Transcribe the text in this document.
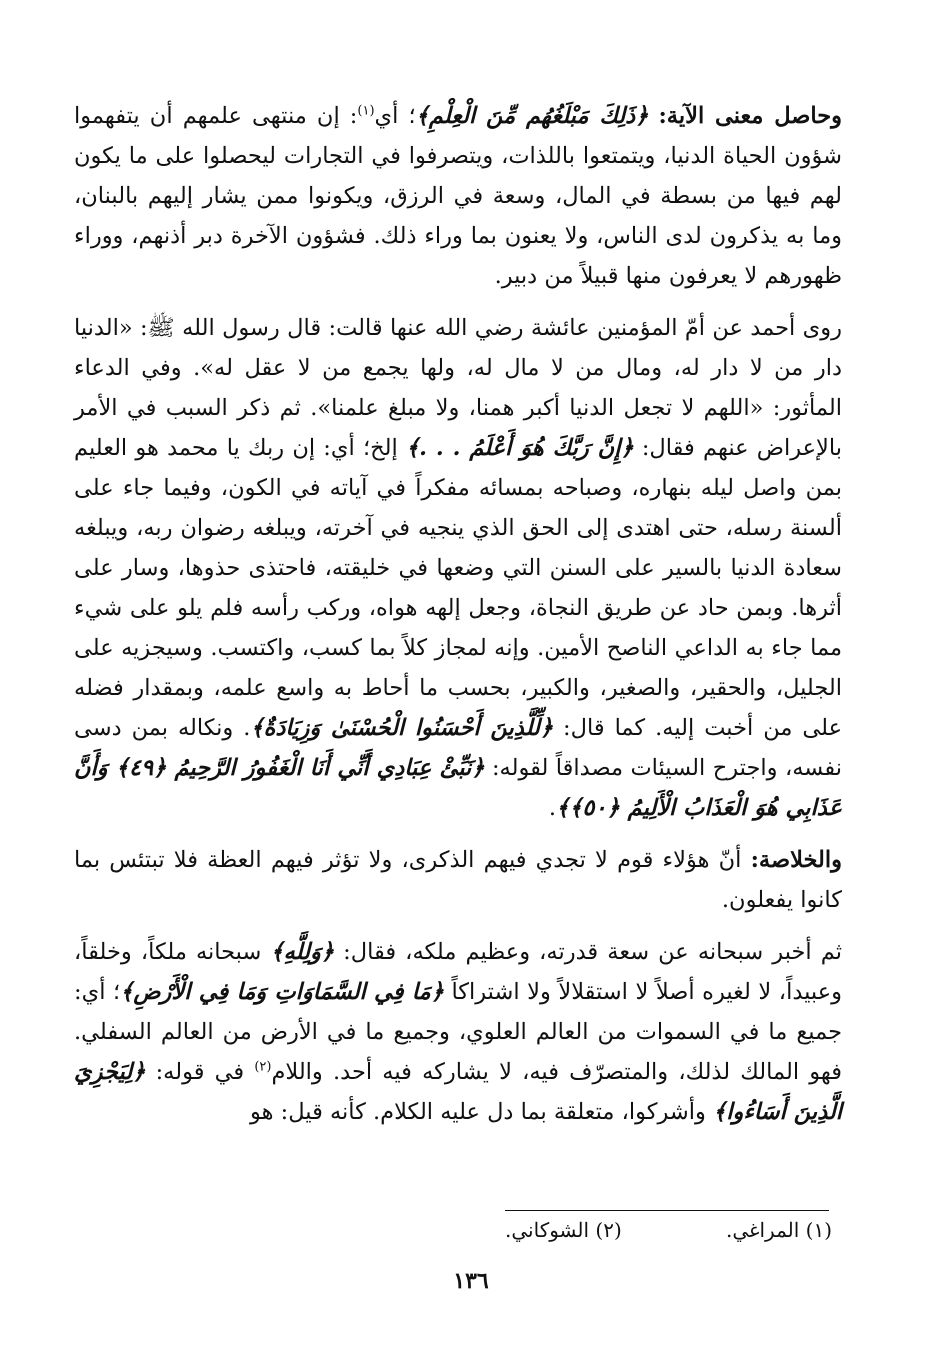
وحاصل معنى الآية: ﴿ذَلِكَ مَبْلَغُهُم مِّنَ الْعِلْمِ﴾؛ أي$^{(١)}$: إن منتهى علمهم أن يتفهموا شؤون الحياة الدنيا، ويتمتعوا باللذات، ويتصرفوا في التجارات ليحصلوا على ما يكون لهم فيها من بسطة في المال، وسعة في الرزق، ويكونوا ممن يشار إليهم بالبنان، وما به يذكرون لدى الناس، ولا يعنون بما وراء ذلك. فشؤون الآخرة دبر أذنهم، ووراء ظهورهم لا يعرفون منها قبيلاً من دبير.

روى أحمد عن أمّ المؤمنين عائشة رضي الله عنها قالت: قال رسول الله ﷺ: «الدنيا دار من لا دار له، ومال من لا مال له، ولها يجمع من لا عقل له». وفي الدعاء المأثور: «اللهم لا تجعل الدنيا أكبر همنا، ولا مبلغ علمنا». ثم ذكر السبب في الأمر بالإعراض عنهم فقال: ﴿إِنَّ رَبَّكَ هُوَ أَعْلَمُ . . .﴾ إلخ؛ أي: إن ربك يا محمد هو العليم بمن واصل ليله بنهاره، وصباحه بمسائه مفكراً في آياته في الكون، وفيما جاء على ألسنة رسله، حتى اهتدى إلى الحق الذي ينجيه في آخرته، ويبلغه رضوان ربه، ويبلغه سعادة الدنيا بالسير على السنن التي وضعها في خليقته، فاحتذى حذوها، وسار على أثرها. وبمن حاد عن طريق النجاة، وجعل إلهه هواه، وركب رأسه فلم يلو على شيء مما جاء به الداعي الناصح الأمين. وإنه لمجاز كلاً بما كسب، واكتسب. وسيجزيه على الجليل، والحقير، والصغير، والكبير، بحسب ما أحاط به واسع علمه، وبمقدار فضله على من أخبت إليه. كما قال: ﴿لِّلَّذِينَ أَحْسَنُوا الْحُسْنَىٰ وَزِيَادَةٌ﴾. ونكاله بمن دسى نفسه، واجترح السيئات مصداقاً لقوله: ﴿نَبِّئْ عِبَادِي أَنِّي أَنَا الْغَفُورُ الرَّحِيمُ ﴿٤٩﴾ وَأَنَّ عَذَابِي هُوَ الْعَذَابُ الْأَلِيمُ ﴿٥٠﴾﴾.

والخلاصة: أنّ هؤلاء قوم لا تجدي فيهم الذكرى، ولا تؤثر فيهم العظة فلا تبتئس بما كانوا يفعلون.

ثم أخبر سبحانه عن سعة قدرته، وعظيم ملكه، فقال: ﴿وَلِلَّهِ﴾ سبحانه ملكاً، وخلقاً، وعبيداً، لا لغيره أصلاً لا استقلالاً ولا اشتراكاً ﴿مَا فِي السَّمَاوَاتِ وَمَا فِي الْأَرْضِ﴾؛ أي: جميع ما في السموات من العالم العلوي، وجميع ما في الأرض من العالم السفلي. فهو المالك لذلك، والمتصرّف فيه، لا يشاركه فيه أحد. واللام$^{(٢)}$ في قوله: ﴿لِيَجْزِيَ الَّذِينَ أَسَاءُوا﴾ وأشركوا، متعلقة بما دل عليه الكلام. كأنه قيل: هو

(١) المراغي.
(٢) الشوكاني.
١٣٦
